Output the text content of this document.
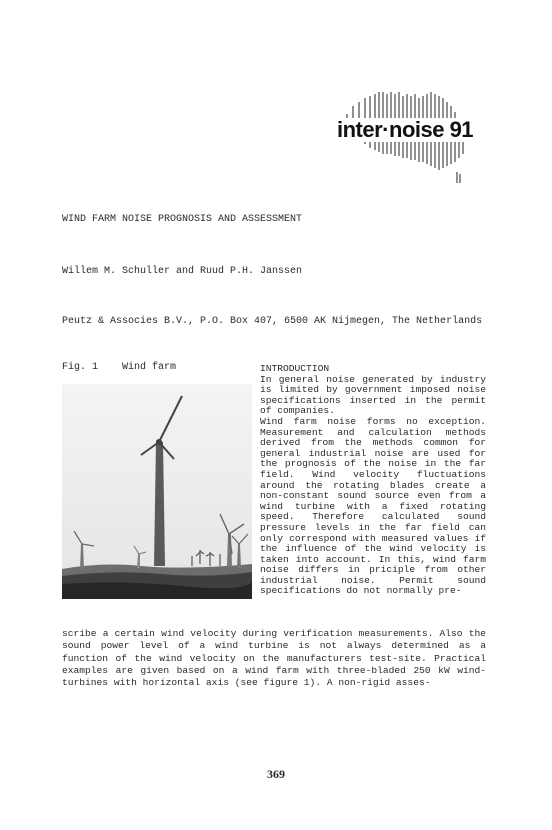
inter·noise 91
WIND FARM NOISE PROGNOSIS AND ASSESSMENT
Willem M. Schuller and Ruud P.H. Janssen
Peutz & Associes B.V., P.O. Box 407, 6500 AK Nijmegen, The Netherlands
Fig. 1    Wind farm	INTRODUCTION

In general noise generated by industry is limited by government imposed noise specifications inserted in the permit of companies.

Wind farm noise forms no exception. Measurement and calculation methods derived from the methods common for general industrial noise are used for the prognosis of the noise in the far field. Wind velocity fluctuations around the rotating blades create a non-constant sound source even from a wind turbine with a fixed rotating speed. Therefore calculated sound pressure levels in the far field can only correspond with measured values if the influence of the wind velocity is taken into account. In this, wind farm noise differs in priciple from other industrial noise. Permit sound specifications do not normally pre-

scribe a certain wind velocity during verification measurements. Also the sound power level of a wind turbine is not always determined as a function of the wind velocity on the manufacturers test-site. Practical examples are given based on a wind farm with three-bladed 250 kW wind-turbines with horizontal axis (see figure 1). A non-rigid asses-
369
